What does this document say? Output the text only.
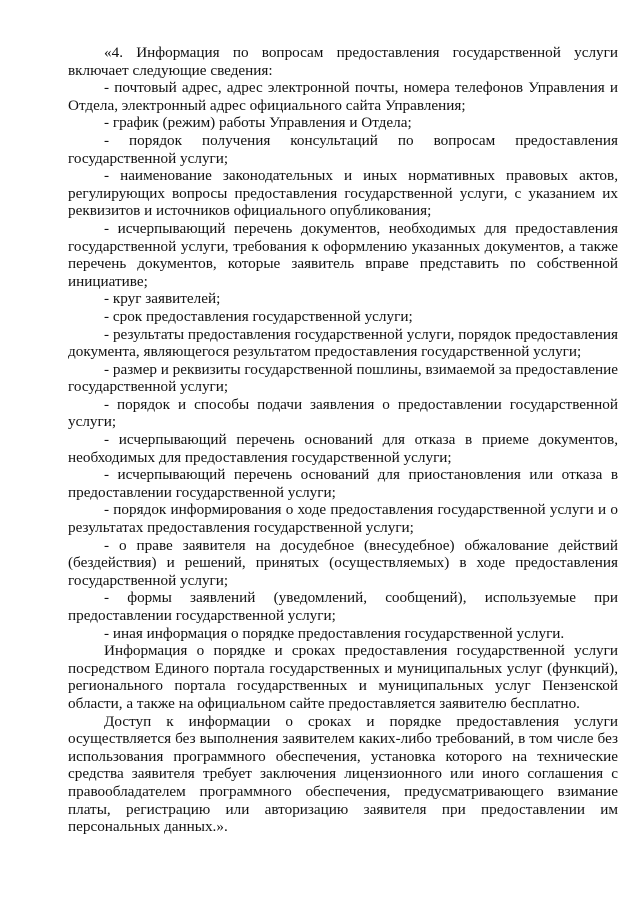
«4. Информация по вопросам предоставления государственной услуги включает следующие сведения:

- почтовый адрес, адрес электронной почты, номера телефонов Управления и Отдела, электронный адрес официального сайта Управления;

- график (режим) работы Управления и Отдела;

- порядок получения консультаций по вопросам предоставления государственной услуги;

- наименование законодательных и иных нормативных правовых актов, регулирующих вопросы предоставления государственной услуги, с указанием их реквизитов и источников официального опубликования;

- исчерпывающий перечень документов, необходимых для предоставления государственной услуги, требования к оформлению указанных документов, а также перечень документов, которые заявитель вправе представить по собственной инициативе;

- круг заявителей;

- срок предоставления государственной услуги;

- результаты предоставления государственной услуги, порядок предоставления документа, являющегося результатом предоставления государственной услуги;

- размер и реквизиты государственной пошлины, взимаемой за предоставление государственной услуги;

- порядок и способы подачи заявления о предоставлении государственной услуги;

- исчерпывающий перечень оснований для отказа в приеме документов, необходимых для предоставления государственной услуги;

- исчерпывающий перечень оснований для приостановления или отказа в предоставлении государственной услуги;

- порядок информирования о ходе предоставления государственной услуги и о результатах предоставления государственной услуги;

- о праве заявителя на досудебное (внесудебное) обжалование действий (бездействия) и решений, принятых (осуществляемых) в ходе предоставления государственной услуги;

- формы заявлений (уведомлений, сообщений), используемые при предоставлении государственной услуги;

- иная информация о порядке предоставления государственной услуги.

Информация о порядке и сроках предоставления государственной услуги посредством Единого портала государственных и муниципальных услуг (функций), регионального портала государственных и муниципальных услуг Пензенской области, а также на официальном сайте предоставляется заявителю бесплатно.

Доступ к информации о сроках и порядке предоставления услуги осуществляется без выполнения заявителем каких-либо требований, в том числе без использования программного обеспечения, установка которого на технические средства заявителя требует заключения лицензионного или иного соглашения с правообладателем программного обеспечения, предусматривающего взимание платы, регистрацию или авторизацию заявителя при предоставлении им персональных данных.».
